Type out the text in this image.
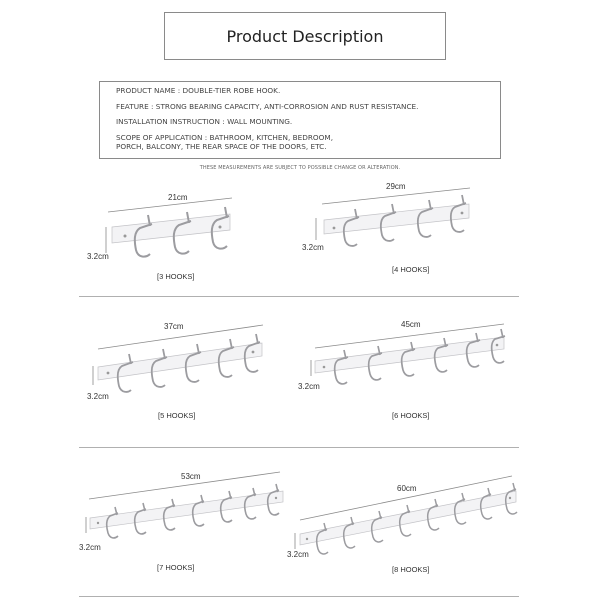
Product Description
PRODUCT NAME : DOUBLE-TIER ROBE HOOK.
FEATURE : STRONG BEARING CAPACITY, ANTI-CORROSION AND RUST RESISTANCE.
INSTALLATION INSTRUCTION : WALL MOUNTING.
SCOPE OF APPLICATION : BATHROOM, KITCHEN, BEDROOM,
PORCH, BALCONY, THE REAR SPACE OF THE DOORS, ETC.
THESE MEASUREMENTS ARE SUBJECT TO POSSIBLE CHANGE OR ALTERATION.
21cm
3.2cm
[3 HOOKS]
29cm
3.2cm
[4 HOOKS]
37cm
3.2cm
[5 HOOKS]
45cm
3.2cm
[6 HOOKS]
53cm
3.2cm
[7 HOOKS]
60cm
3.2cm
[8 HOOKS]
